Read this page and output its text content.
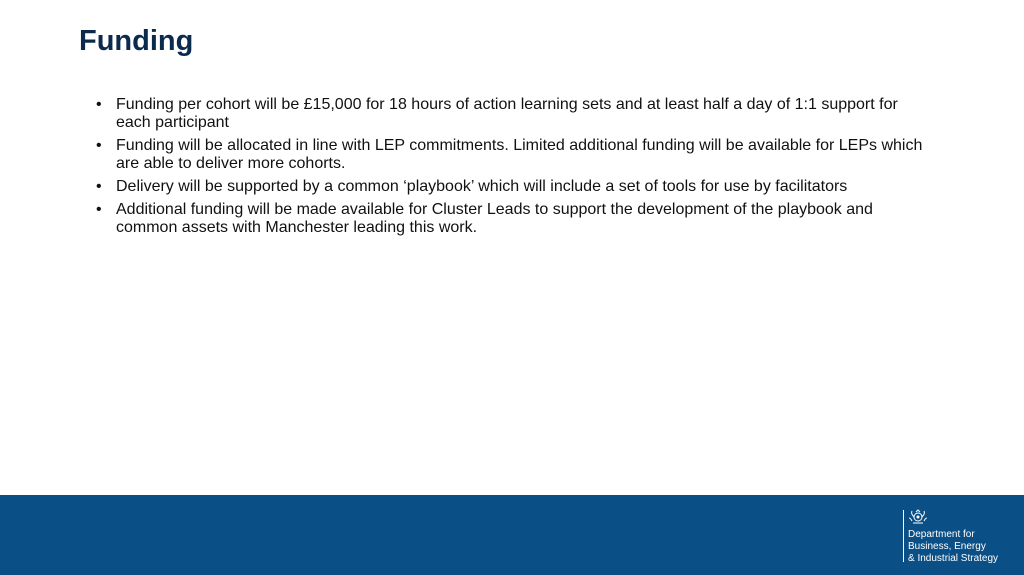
Funding
• Funding per cohort will be £15,000 for 18 hours of action learning sets and at least half a day of 1:1 support for each participant
• Funding will be allocated in line with LEP commitments. Limited additional funding will be available for LEPs which are able to deliver more cohorts.
• Delivery will be supported by a common ‘playbook’ which will include a set of tools for use by facilitators
• Additional funding will be made available for Cluster Leads to support the development of the playbook and common assets with Manchester leading this work.

Department for
Business, Energy
& Industrial Strategy
